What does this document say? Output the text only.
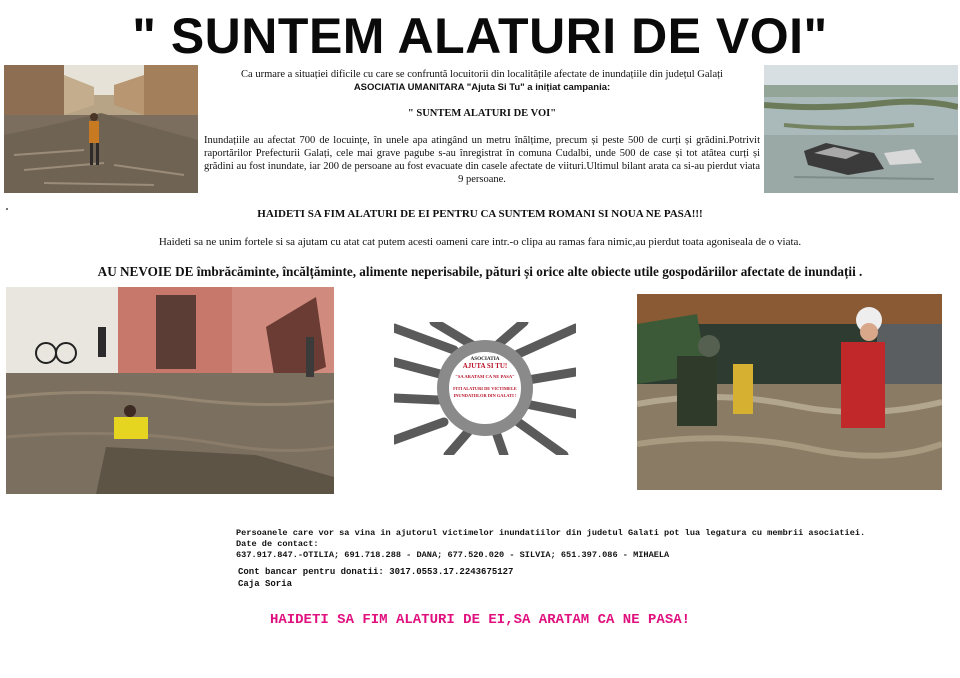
" SUNTEM ALATURI DE VOI"

Ca urmare a situației dificile cu care se confruntă locuitorii din localitățile afectate de inundațiile din județul Galați

ASOCIATIA UMANITARA "Ajuta Si Tu" a inițiat campania:

" SUNTEM ALATURI DE VOI"

Inundațiile au afectat 700 de locuințe, în unele apa atingând un metru înălțime, precum și peste 500 de curți și grădini.Potrivit raportărilor Prefecturii Galați, cele mai grave pagube s-au înregistrat în comuna Cudalbi, unde 500 de case și tot atâtea curți și grădini au fost inundate, iar 200 de persoane au fost evacuate din casele afectate de viituri.Ultimul bilant arata ca si-au pierdut viata 9 persoane.

HAIDETI SA FIM ALATURI DE EI PENTRU CA SUNTEM ROMANI SI NOUA NE PASA!!!
Haideti sa ne unim fortele si sa ajutam cu atat cat putem acesti oameni care intr.-o clipa au ramas fara nimic,au pierdut toata agoniseala de o viata.
AU NEVOIE DE îmbrăcăminte, încălțăminte, alimente neperisabile, pături și orice alte obiecte utile gospodăriilor afectate de inundații .
ASOCIATIA
AJUTA SI TU!
"SA ARATAM CA NE PASA"
FITI ALATURI DE VICTIMELE
INUNDATIILOR DIN GALATI !
Persoanele care vor sa vina in ajutorul victimelor inundatiilor din judetul Galati pot lua legatura cu membrii asociatiei.
Date de contact:
637.917.847.-OTILIA; 691.718.288 - DANA; 677.520.020 - SILVIA; 651.397.086 - MIHAELA
Cont bancar pentru donatii: 3017.0553.17.2243675127
Caja Soria
HAIDETI SA FIM ALATURI DE EI,SA ARATAM CA NE PASA!
